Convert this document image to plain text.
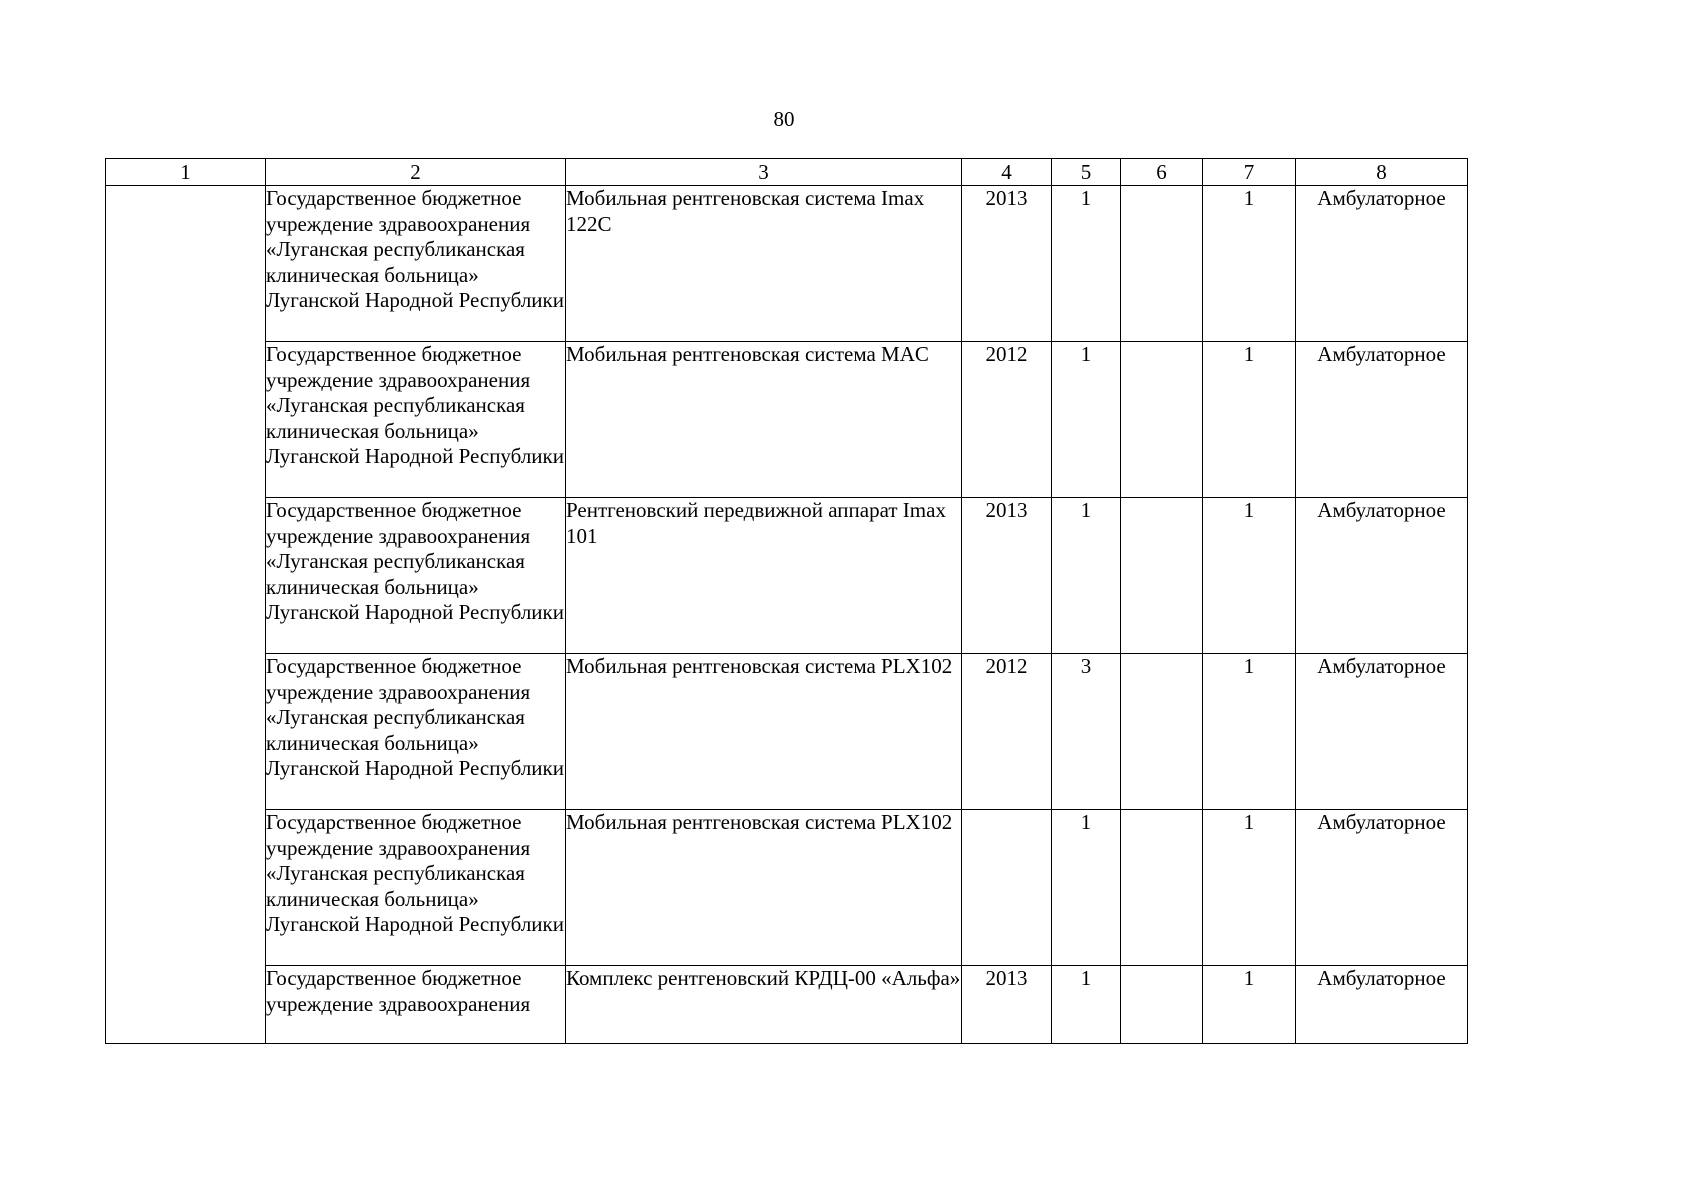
80
1	2	3	4	5	6	7	8
	Государственное бюджетное учреждение здравоохранения «Луганская республиканская клиническая больница» Луганской Народной Республики	Мобильная рентгеновская система Imax 122C	2013	1		1	Амбулаторное
	Государственное бюджетное учреждение здравоохранения «Луганская республиканская клиническая больница» Луганской Народной Республики	Мобильная рентгеновская система MAC	2012	1		1	Амбулаторное
	Государственное бюджетное учреждение здравоохранения «Луганская республиканская клиническая больница» Луганской Народной Республики	Рентгеновский передвижной аппарат Imax 101	2013	1		1	Амбулаторное
	Государственное бюджетное учреждение здравоохранения «Луганская республиканская клиническая больница» Луганской Народной Республики	Мобильная рентгеновская система PLX102	2012	3		1	Амбулаторное
	Государственное бюджетное учреждение здравоохранения «Луганская республиканская клиническая больница» Луганской Народной Республики	Мобильная рентгеновская система PLX102		1		1	Амбулаторное
	Государственное бюджетное учреждение здравоохранения	Комплекс рентгеновский КРДЦ-00 «Альфа»	2013	1		1	Амбулаторное
